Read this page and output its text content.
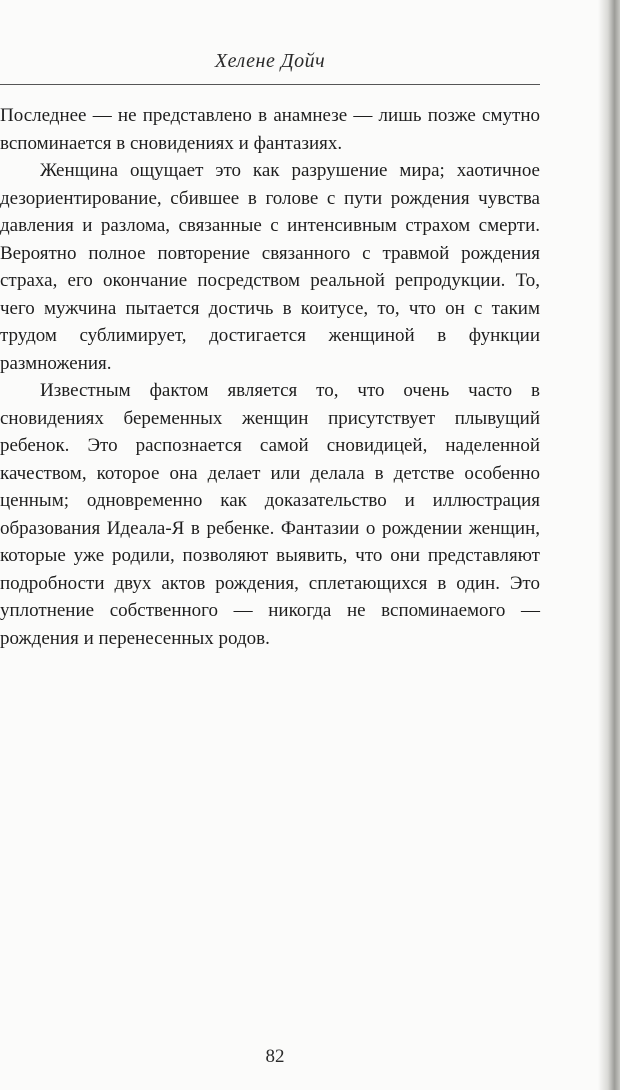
Хелене Дойч

Последнее — не представлено в анамнезе — лишь позже смутно вспоминается в сновидениях и фантазиях.

Женщина ощущает это как разрушение мира; хаотичное дезориентирование, сбившее в голове с пути рождения чувства давления и разлома, связанные с интенсивным страхом смерти. Вероятно полное повторение связанного с травмой рождения страха, его окончание посредством реальной репродукции. То, чего мужчина пытается достичь в коитусе, то, что он с таким трудом сублимирует, достигается женщиной в функции размножения.

Известным фактом является то, что очень часто в сновидениях беременных женщин присутствует плывущий ребенок. Это распознается самой сновидицей, наделенной качеством, которое она делает или делала в детстве особенно ценным; одновременно как доказательство и иллюстрация образования Идеала-Я в ребенке. Фантазии о рождении женщин, которые уже родили, позволяют выявить, что они представляют подробности двух актов рождения, сплетающихся в один. Это уплотнение собственного — никогда не вспоминаемого — рождения и перенесенных родов.

82
